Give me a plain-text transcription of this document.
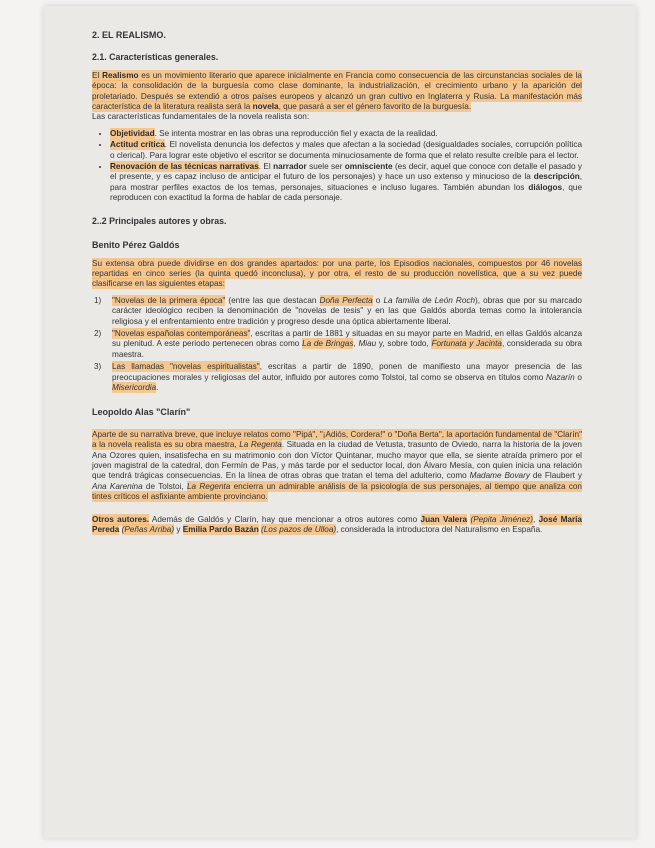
2. EL REALISMO.
2.1. Características generales.

El Realismo es un movimiento literario que aparece inicialmente en Francia como consecuencia de las circunstancias sociales de la época: la consolidación de la burguesía como clase dominante, la industrialización, el crecimiento urbano y la aparición del proletariado. Después se extendió a otros países europeos y alcanzó un gran cultivo en Inglaterra y Rusia. La manifestación más característica de la literatura realista será la novela, que pasará a ser el género favorito de la burguesía.
Las características fundamentales de la novela realista son:

• Objetividad. Se intenta mostrar en las obras una reproducción fiel y exacta de la realidad.
• Actitud crítica. El novelista denuncia los defectos y males que afectan a la sociedad (desigualdades sociales, corrupción política o clerical). Para lograr este objetivo el escritor se documenta minuciosamente de forma que el relato resulte creíble para el lector.
• Renovación de las técnicas narrativas. El narrador suele ser omnisciente (es decir, aquel que conoce con detalle el pasado y el presente, y es capaz incluso de anticipar el futuro de los personajes) y hace un uso extenso y minucioso de la descripción, para mostrar perfiles exactos de los temas, personajes, situaciones e incluso lugares. También abundan los diálogos, que reproducen con exactitud la forma de hablar de cada personaje.
2..2 Principales autores y obras.
Benito Pérez Galdós

Su extensa obra puede dividirse en dos grandes apartados: por una parte, los Episodios nacionales, compuestos por 46 novelas repartidas en cinco series (la quinta quedó inconclusa), y por otra, el resto de su producción novelística, que a su vez puede clasificarse en las siguientes etapas:

1) "Novelas de la primera época" (entre las que destacan Doña Perfecta o La familia de León Roch), obras que por su marcado carácter ideológico reciben la denominación de "novelas de tesis" y en las que Galdós aborda temas como la intolerancia religiosa y el enfrentamiento entre tradición y progreso desde una óptica abiertamente liberal.
2) "Novelas españolas contemporáneas", escritas a partir de 1881 y situadas en su mayor parte en Madrid, en ellas Galdós alcanza su plenitud. A este periodo pertenecen obras como La de Bringas, Miau y, sobre todo, Fortunata y Jacinta, considerada su obra maestra.
3) Las llamadas "novelas espiritualistas", escritas a partir de 1890, ponen de manifiesto una mayor presencia de las preocupaciones morales y religiosas del autor, influido por autores como Tolstoi, tal como se observa en títulos como Nazarín o Misericordia.
Leopoldo Alas "Clarín"

Aparte de su narrativa breve, que incluye relatos como "Pipá", "¡Adiós, Cordera!" o "Doña Berta", la aportación fundamental de "Clarín" a la novela realista es su obra maestra, La Regenta. Situada en la ciudad de Vetusta, trasunto de Oviedo, narra la historia de la joven Ana Ozores quien, insatisfecha en su matrimonio con don Víctor Quintanar, mucho mayor que ella, se siente atraída primero por el joven magistral de la catedral, don Fermín de Pas, y más tarde por el seductor local, don Álvaro Mesía, con quien inicia una relación que tendrá trágicas consecuencias. En la línea de otras obras que tratan el tema del adulterio, como Madame Bovary de Flaubert y Ana Karenina de Tolstoi, La Regenta encierra un admirable análisis de la psicología de sus personajes, al tiempo que analiza con tintes críticos el asfixiante ambiente provinciano.

Otros autores. Además de Galdós y Clarín, hay que mencionar a otros autores como Juan Valera (Pepita Jiménez), José María Pereda (Peñas Arriba) y Emilia Pardo Bazán (Los pazos de Ulloa), considerada la introductora del Naturalismo en España.
